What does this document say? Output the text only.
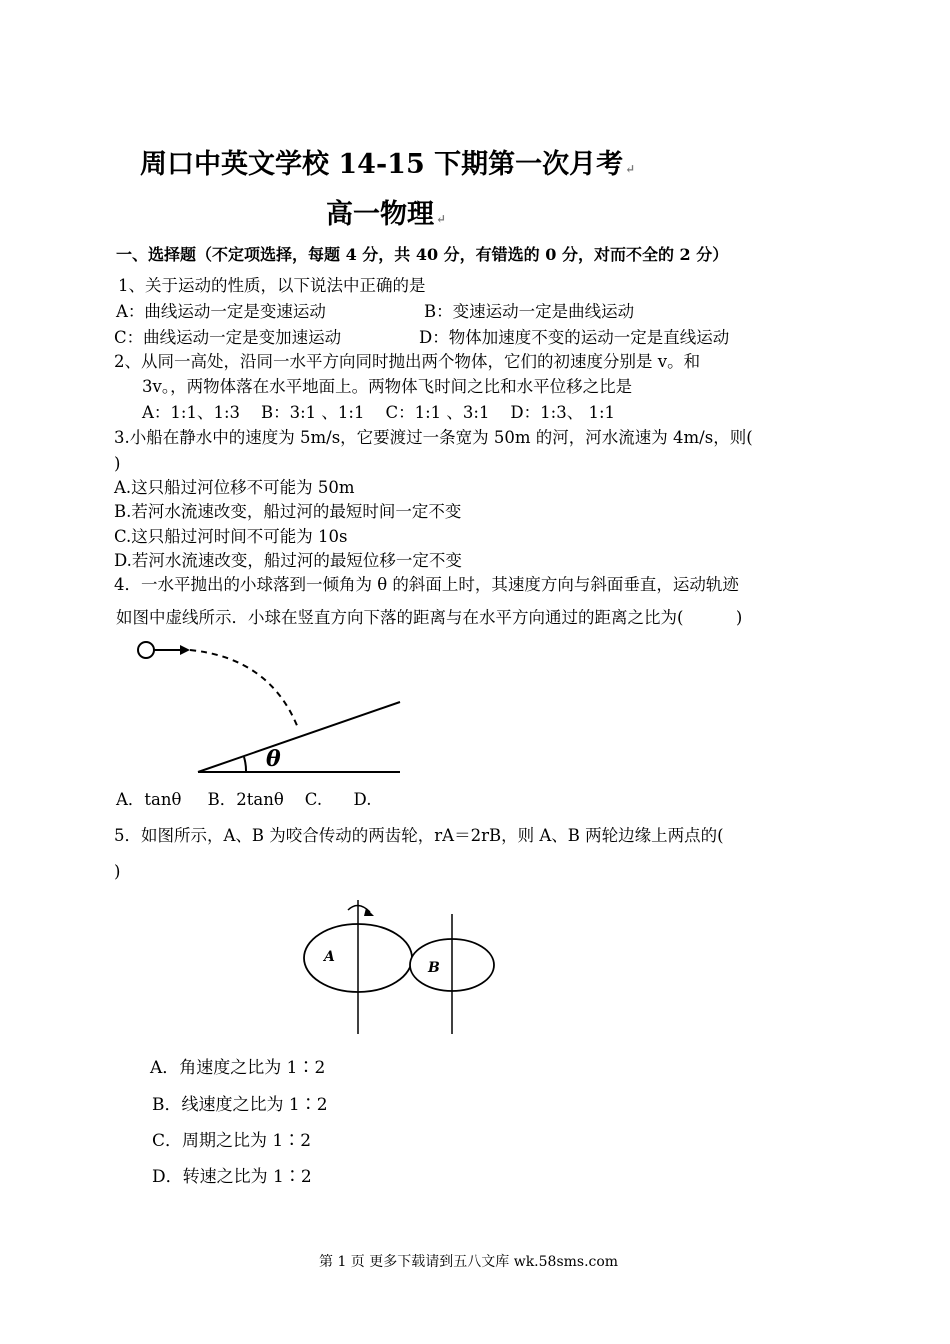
周口中英文学校 14-15 下期第一次月考 ↵
高一物理 ↵
一、选择题（不定项选择，每题 4 分，共 40 分，有错选的 0 分，对而不全的 2 分）
1、关于运动的性质，以下说法中正确的是
A：曲线运动一定是变速运动	B：变速运动一定是曲线运动
C：曲线运动一定是变加速运动	D：物体加速度不变的运动一定是直线运动
2、从同一高处，沿同一水平方向同时抛出两个物体，它们的初速度分别是 v。和
3v。，两物体落在水平地面上。两物体飞时间之比和水平位移之比是
A：1:1、1:3    B：3:1 、1:1    C：1:1 、3:1    D：1:3、 1:1
3.小船在静水中的速度为 5m/s，它要渡过一条宽为 50m 的河，河水流速为 4m/s，则(
)
A.这只船过河位移不可能为 50m
B.若河水流速改变，船过河的最短时间一定不变
C.这只船过河时间不可能为 10s
D.若河水流速改变，船过河的最短位移一定不变
4．一水平抛出的小球落到一倾角为 θ 的斜面上时，其速度方向与斜面垂直，运动轨迹
如图中虚线所示．小球在竖直方向下落的距离与在水平方向通过的距离之比为(          )
θ
A．tanθ     B．2tanθ    C.      D.
5．如图所示，A、B 为咬合传动的两齿轮，rA＝2rB，则 A、B 两轮边缘上两点的(
)
A
B
A．角速度之比为 1∶2
B．线速度之比为 1∶2
C．周期之比为 1∶2
D．转速之比为 1∶2
第 1 页 更多下载请到五八文库 wk.58sms.com
